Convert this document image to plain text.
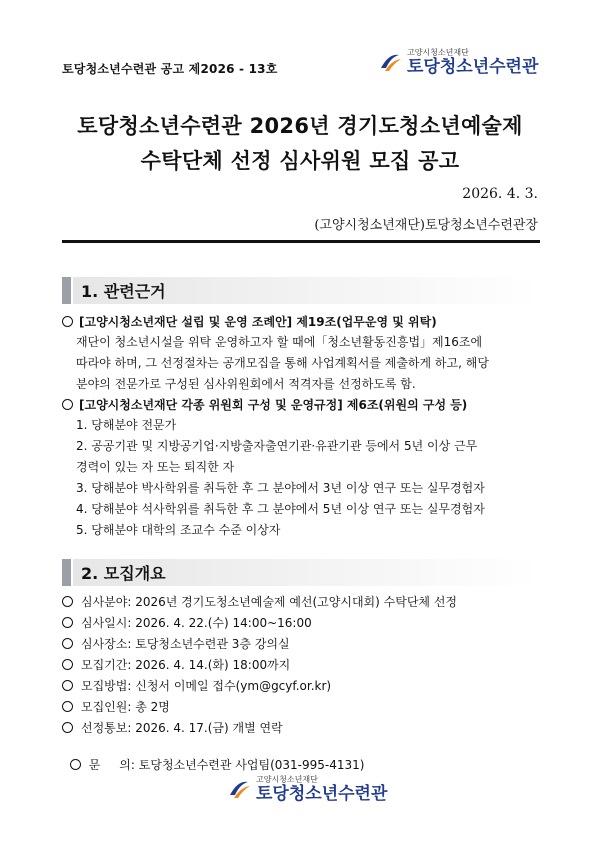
토당청소년수련관 공고 제2026 - 13호
고양시청소년재단
토당청소년수련관
토당청소년수련관 2026년 경기도청소년예술제
수탁단체 선정 심사위원 모집 공고
2026. 4. 3.
(고양시청소년재단)토당청소년수련관장
1. 관련근거
[고양시청소년재단 설립 및 운영 조례안] 제19조(업무운영 및 위탁)
재단이 청소년시설을 위탁 운영하고자 할 때에「청소년활동진흥법」제16조에
따라야 하며, 그 선정절차는 공개모집을 통해 사업계획서를 제출하게 하고, 해당
분야의 전문가로 구성된 심사위원회에서 적격자를 선정하도록 함.
[고양시청소년재단 각종 위원회 구성 및 운영규정] 제6조(위원의 구성 등)
1. 당해분야 전문가
2. 공공기관 및 지방공기업·지방출자출연기관·유관기관 등에서 5년 이상 근무
경력이 있는 자 또는 퇴직한 자
3. 당해분야 박사학위를 취득한 후 그 분야에서 3년 이상 연구 또는 실무경험자
4. 당해분야 석사학위를 취득한 후 그 분야에서 5년 이상 연구 또는 실무경험자
5. 당해분야 대학의 조교수 수준 이상자
2. 모집개요
심사분야: 2026년 경기도청소년예술제 예선(고양시대회) 수탁단체 선정
심사일시: 2026. 4. 22.(수) 14:00~16:00
심사장소: 토당청소년수련관 3층 강의실
모집기간: 2026. 4. 14.(화) 18:00까지
모집방법: 신청서 이메일 접수(ym@gcyf.or.kr)
모집인원: 총 2명
선정통보: 2026. 4. 17.(금) 개별 연락

문     의: 토당청소년수련관 사업팀(031-995-4131)

고양시청소년재단
토당청소년수련관
